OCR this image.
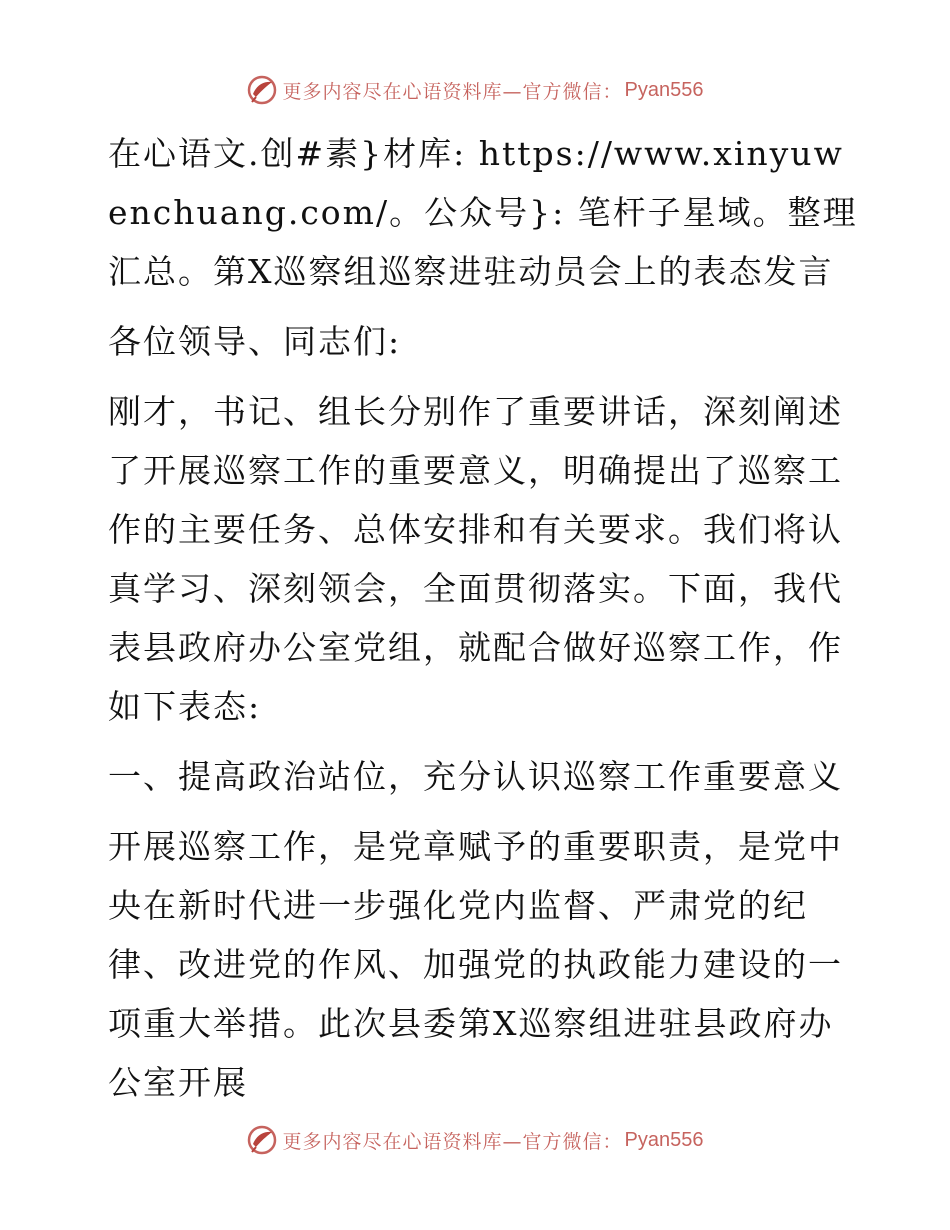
更多内容尽在心语资料库—官方微信： Pyan556

在心语文.创#素}材库: https://www.xinyuwenchuang.com/。公众号}: 笔杆子星域。整理汇总。第X巡察组巡察进驻动员会上的表态发言

各位领导、同志们:

刚才，书记、组长分别作了重要讲话，深刻阐述了开展巡察工作的重要意义，明确提出了巡察工作的主要任务、总体安排和有关要求。我们将认真学习、深刻领会，全面贯彻落实。下面，我代表县政府办公室党组，就配合做好巡察工作，作如下表态:

一、提高政治站位，充分认识巡察工作重要意义

开展巡察工作，是党章赋予的重要职责，是党中央在新时代进一步强化党内监督、严肃党的纪律、改进党的作风、加强党的执政能力建设的一项重大举措。此次县委第X巡察组进驻县政府办公室开展

更多内容尽在心语资料库—官方微信： Pyan556
